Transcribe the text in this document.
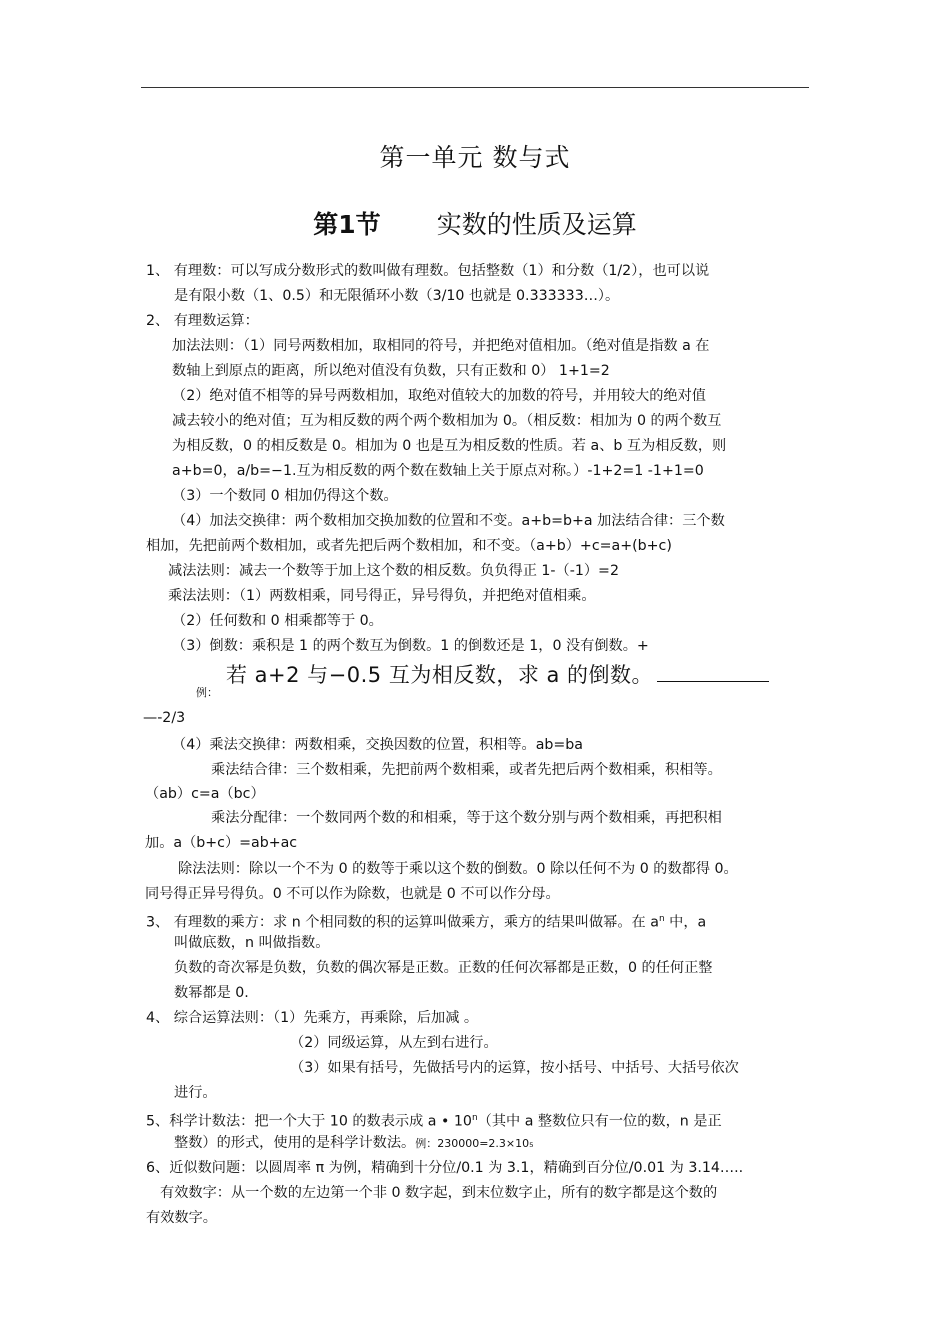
第一单元 数与式
第1节 实数的性质及运算
1、 有理数：可以写成分数形式的数叫做有理数。包括整数（1）和分数（1/2），也可以说
是有限小数（1、0.5）和无限循环小数（3/10 也就是 0.333333…）。
2、 有理数运算：
加法法则：（1）同号两数相加，取相同的符号，并把绝对值相加。（绝对值是指数 a 在
数轴上到原点的距离，所以绝对值没有负数，只有正数和 0） 1+1=2
（2）绝对值不相等的异号两数相加，取绝对值较大的加数的符号，并用较大的绝对值
减去较小的绝对值；互为相反数的两个两个数相加为 0。（相反数：相加为 0 的两个数互
为相反数，0 的相反数是 0。相加为 0 也是互为相反数的性质。若 a、b 互为相反数，则
a+b=0，a/b=−1.互为相反数的两个数在数轴上关于原点对称。）-1+2=1 -1+1=0
（3）一个数同 0 相加仍得这个数。
（4）加法交换律：两个数相加交换加数的位置和不变。a+b=b+a 加法结合律：三个数
相加，先把前两个数相加，或者先把后两个数相加，和不变。（a+b）+c=a+(b+c)
减法法则：减去一个数等于加上这个数的相反数。负负得正 1-（-1）=2
乘法法则：（1）两数相乘，同号得正，异号得负，并把绝对值相乘。
（2）任何数和 0 相乘都等于 0。
（3）倒数：乘积是 1 的两个数互为倒数。1 的倒数还是 1，0 没有倒数。+
例：
若 a+2 与−0.5 互为相反数，求 a 的倒数。
—-2/3
（4）乘法交换律：两数相乘，交换因数的位置，积相等。ab=ba
乘法结合律：三个数相乘，先把前两个数相乘，或者先把后两个数相乘，积相等。
（ab）c=a（bc）
乘法分配律：一个数同两个数的和相乘，等于这个数分别与两个数相乘，再把积相
加。a（b+c）=ab+ac
除法法则：除以一个不为 0 的数等于乘以这个数的倒数。0 除以任何不为 0 的数都得 0。
同号得正异号得负。0 不可以作为除数，也就是 0 不可以作分母。
3、 有理数的乘方：求 n 个相同数的积的运算叫做乘方，乘方的结果叫做幂。在 $a^n$ 中，a
叫做底数，n 叫做指数。
负数的奇次幂是负数，负数的偶次幂是正数。正数的任何次幂都是正数，0 的任何正整
数幂都是 0.
4、 综合运算法则：（1）先乘方，再乘除，后加减 。
（2）同级运算，从左到右进行。
（3）如果有括号，先做括号内的运算，按小括号、中括号、大括号依次
进行。
5、科学计数法：把一个大于 10 的数表示成 a • 10$^n$（其中 a 整数位只有一位的数，n 是正
整数）的形式，使用的是科学计数法。例：230000=2.3×10₅
6、近似数问题：以圆周率 π 为例，精确到十分位/0.1 为 3.1，精确到百分位/0.01 为 3.14…..
有效数字：从一个数的左边第一个非 0 数字起，到末位数字止，所有的数字都是这个数的
有效数字。
